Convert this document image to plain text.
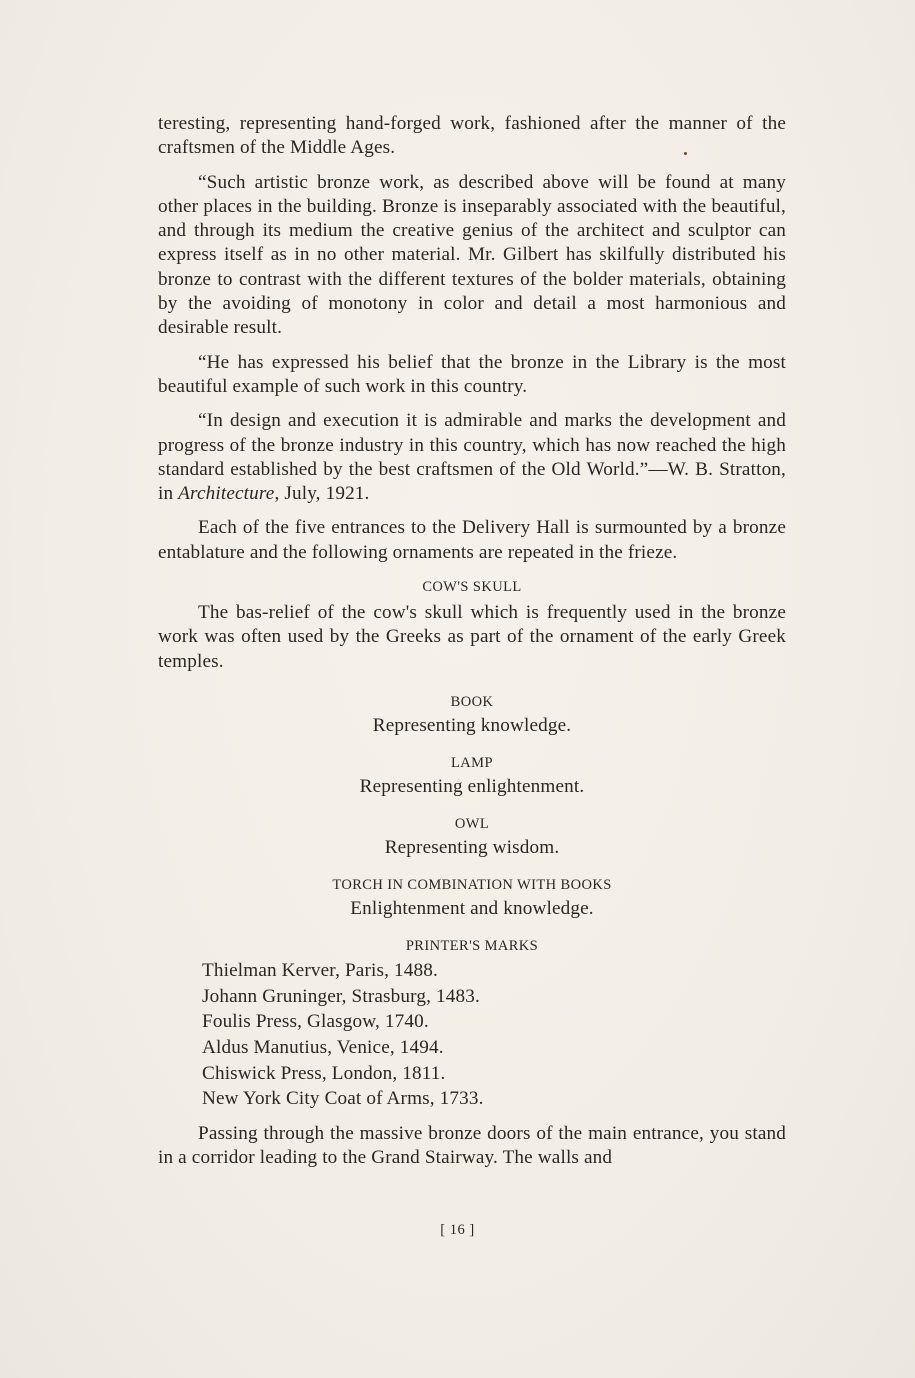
teresting, representing hand-forged work, fashioned after the manner of the craftsmen of the Middle Ages.

“Such artistic bronze work, as described above will be found at many other places in the building. Bronze is inseparably associated with the beautiful, and through its medium the creative genius of the architect and sculptor can express itself as in no other material. Mr. Gilbert has skilfully distributed his bronze to contrast with the different textures of the bolder materials, obtaining by the avoiding of monotony in color and detail a most harmonious and desirable result.

“He has expressed his belief that the bronze in the Library is the most beautiful example of such work in this country.

“In design and execution it is admirable and marks the development and progress of the bronze industry in this country, which has now reached the high standard established by the best craftsmen of the Old World.”—W. B. Stratton, in Architecture, July, 1921.

Each of the five entrances to the Delivery Hall is surmounted by a bronze entablature and the following ornaments are repeated in the frieze.

COW'S SKULL

The bas-relief of the cow's skull which is frequently used in the bronze work was often used by the Greeks as part of the ornament of the early Greek temples.

BOOK
Representing knowledge.
LAMP
Representing enlightenment.
OWL
Representing wisdom.
TORCH IN COMBINATION WITH BOOKS
Enlightenment and knowledge.
PRINTER'S MARKS
Thielman Kerver, Paris, 1488.
Johann Gruninger, Strasburg, 1483.
Foulis Press, Glasgow, 1740.
Aldus Manutius, Venice, 1494.
Chiswick Press, London, 1811.
New York City Coat of Arms, 1733.

Passing through the massive bronze doors of the main entrance, you stand in a corridor leading to the Grand Stairway. The walls and

[ 16 ]
